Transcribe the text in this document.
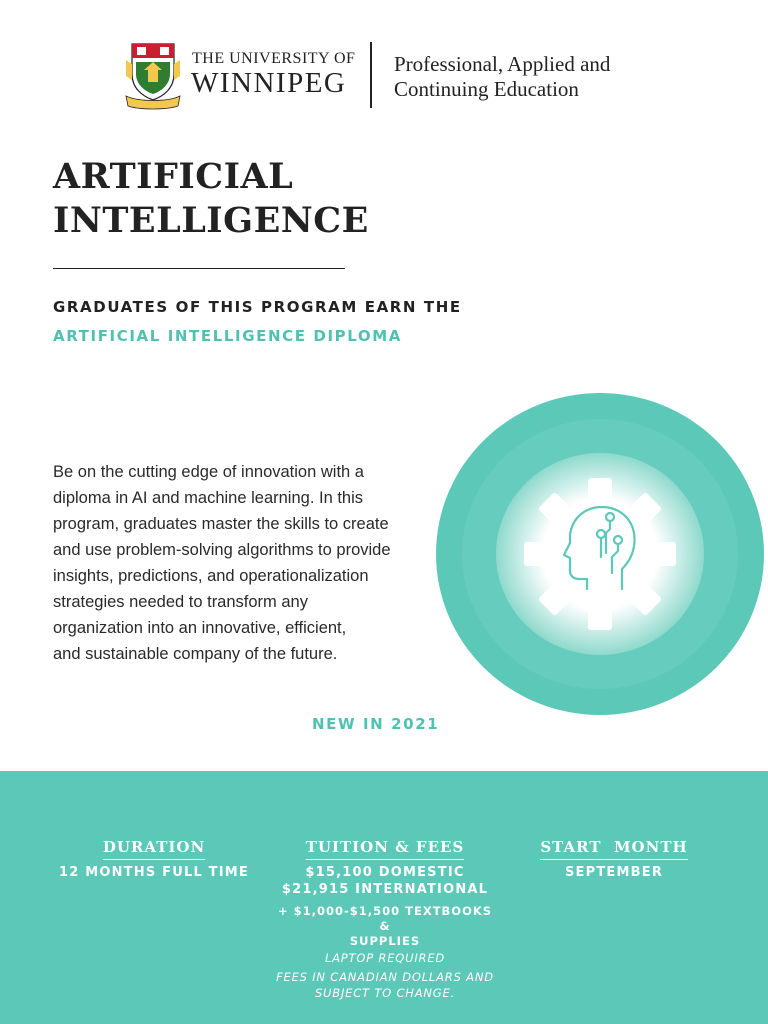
THE UNIVERSITY OF
WINNIPEG
Professional, Applied and
Continuing Education
ARTIFICIAL
INTELLIGENCE
GRADUATES OF THIS PROGRAM EARN THE
ARTIFICIAL INTELLIGENCE DIPLOMA

Be on the cutting edge of innovation with a
diploma in AI and machine learning. In this
program, graduates master the skills to create
and use problem-solving algorithms to provide
insights, predictions, and operationalization
strategies needed to transform any
organization into an innovative, efficient,
and sustainable company of the future.

NEW IN 2021
DURATION
12 MONTHS FULL TIME
TUITION & FEES
$15,100 DOMESTIC
$21,915 INTERNATIONAL
+ $1,000-$1,500 TEXTBOOKS &
SUPPLIES
LAPTOP REQUIRED
FEES IN CANADIAN DOLLARS AND
SUBJECT TO CHANGE.
START  MONTH
SEPTEMBER
